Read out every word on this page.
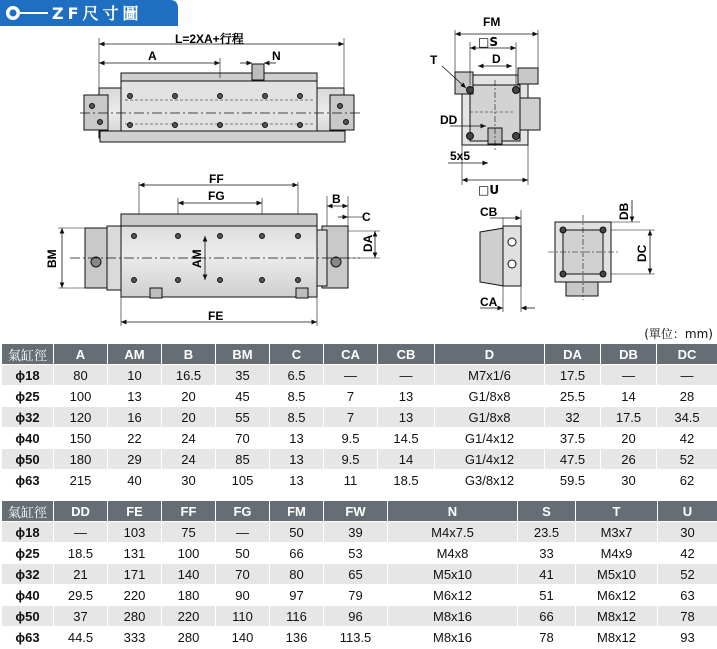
ZF尺寸圖
L=2XA+行程
A	N
FM
□S
D
T
DD
5x5
□U
FF
FG	B
C
DA
BM	AM
FE
CB
CA
DB
DC
(單位：mm)
氣缸徑	A	AM	B	BM	C	CA	CB	D	DA	DB	DC
ϕ18	80	10	16.5	35	6.5	—	—	M7x1/6	17.5	—	—
ϕ25	100	13	20	45	8.5	7	13	G1/8x8	25.5	14	28
ϕ32	120	16	20	55	8.5	7	13	G1/8x8	32	17.5	34.5
ϕ40	150	22	24	70	13	9.5	14.5	G1/4x12	37.5	20	42
ϕ50	180	29	24	85	13	9.5	14	G1/4x12	47.5	26	52
ϕ63	215	40	30	105	13	11	18.5	G3/8x12	59.5	30	62
氣缸徑	DD	FE	FF	FG	FM	FW	N	S	T	U
ϕ18	—	103	75	—	50	39	M4x7.5	23.5	M3x7	30
ϕ25	18.5	131	100	50	66	53	M4x8	33	M4x9	42
ϕ32	21	171	140	70	80	65	M5x10	41	M5x10	52
ϕ40	29.5	220	180	90	97	79	M6x12	51	M6x12	63
ϕ50	37	280	220	110	116	96	M8x16	66	M8x12	78
ϕ63	44.5	333	280	140	136	113.5	M8x16	78	M8x12	93
